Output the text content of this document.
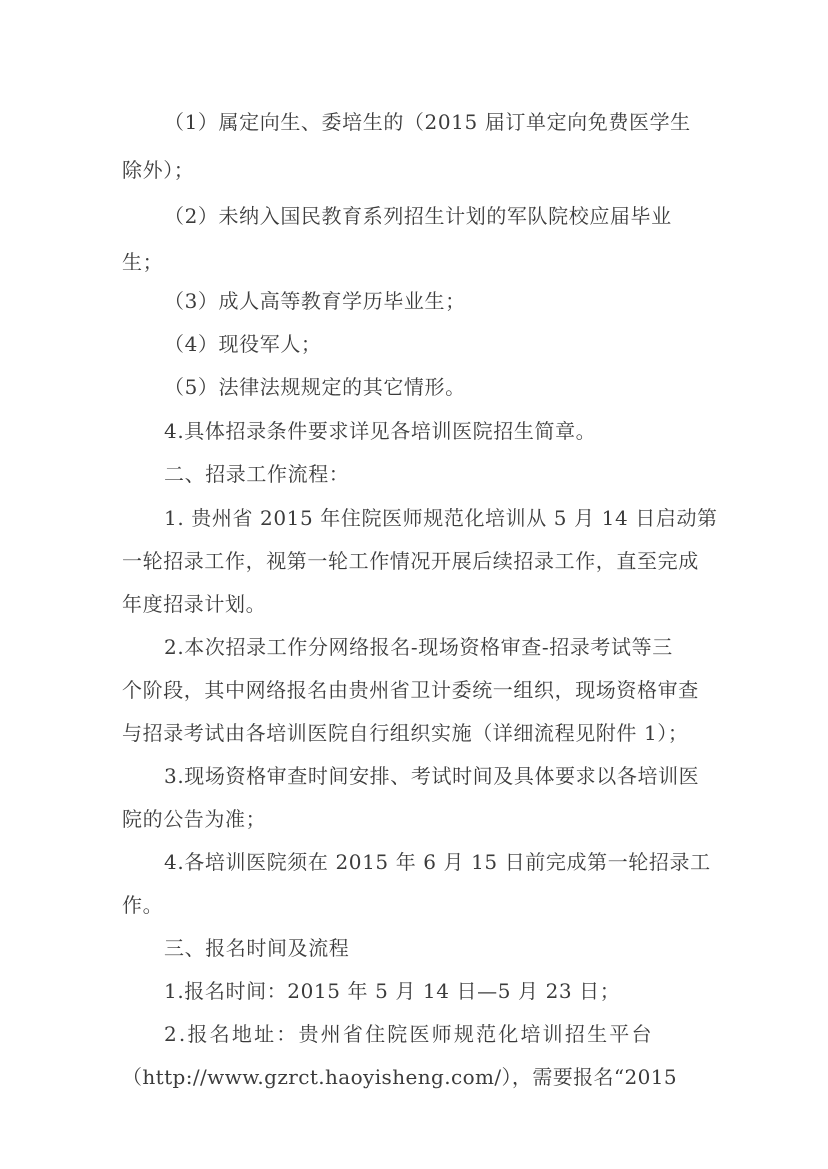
（1）属定向生、委培生的（2015 届订单定向免费医学生
除外）；
（2）未纳入国民教育系列招生计划的军队院校应届毕业
生；
（3）成人高等教育学历毕业生；
（4）现役军人；
（5）法律法规规定的其它情形。
4.具体招录条件要求详见各培训医院招生简章。
二、招录工作流程：
1. 贵州省 2015 年住院医师规范化培训从 5 月 14 日启动第
一轮招录工作，视第一轮工作情况开展后续招录工作，直至完成
年度招录计划。
2.本次招录工作分网络报名-现场资格审查-招录考试等三
个阶段，其中网络报名由贵州省卫计委统一组织，现场资格审查
与招录考试由各培训医院自行组织实施（详细流程见附件 1）；
3.现场资格审查时间安排、考试时间及具体要求以各培训医
院的公告为准；
4.各培训医院须在 2015 年 6 月 15 日前完成第一轮招录工
作。
三、报名时间及流程
1.报名时间：2015 年 5 月 14 日—5 月 23 日；
2.报名地址：贵州省住院医师规范化培训招生平台
（http://www.gzrct.haoyisheng.com/），需要报名“2015
